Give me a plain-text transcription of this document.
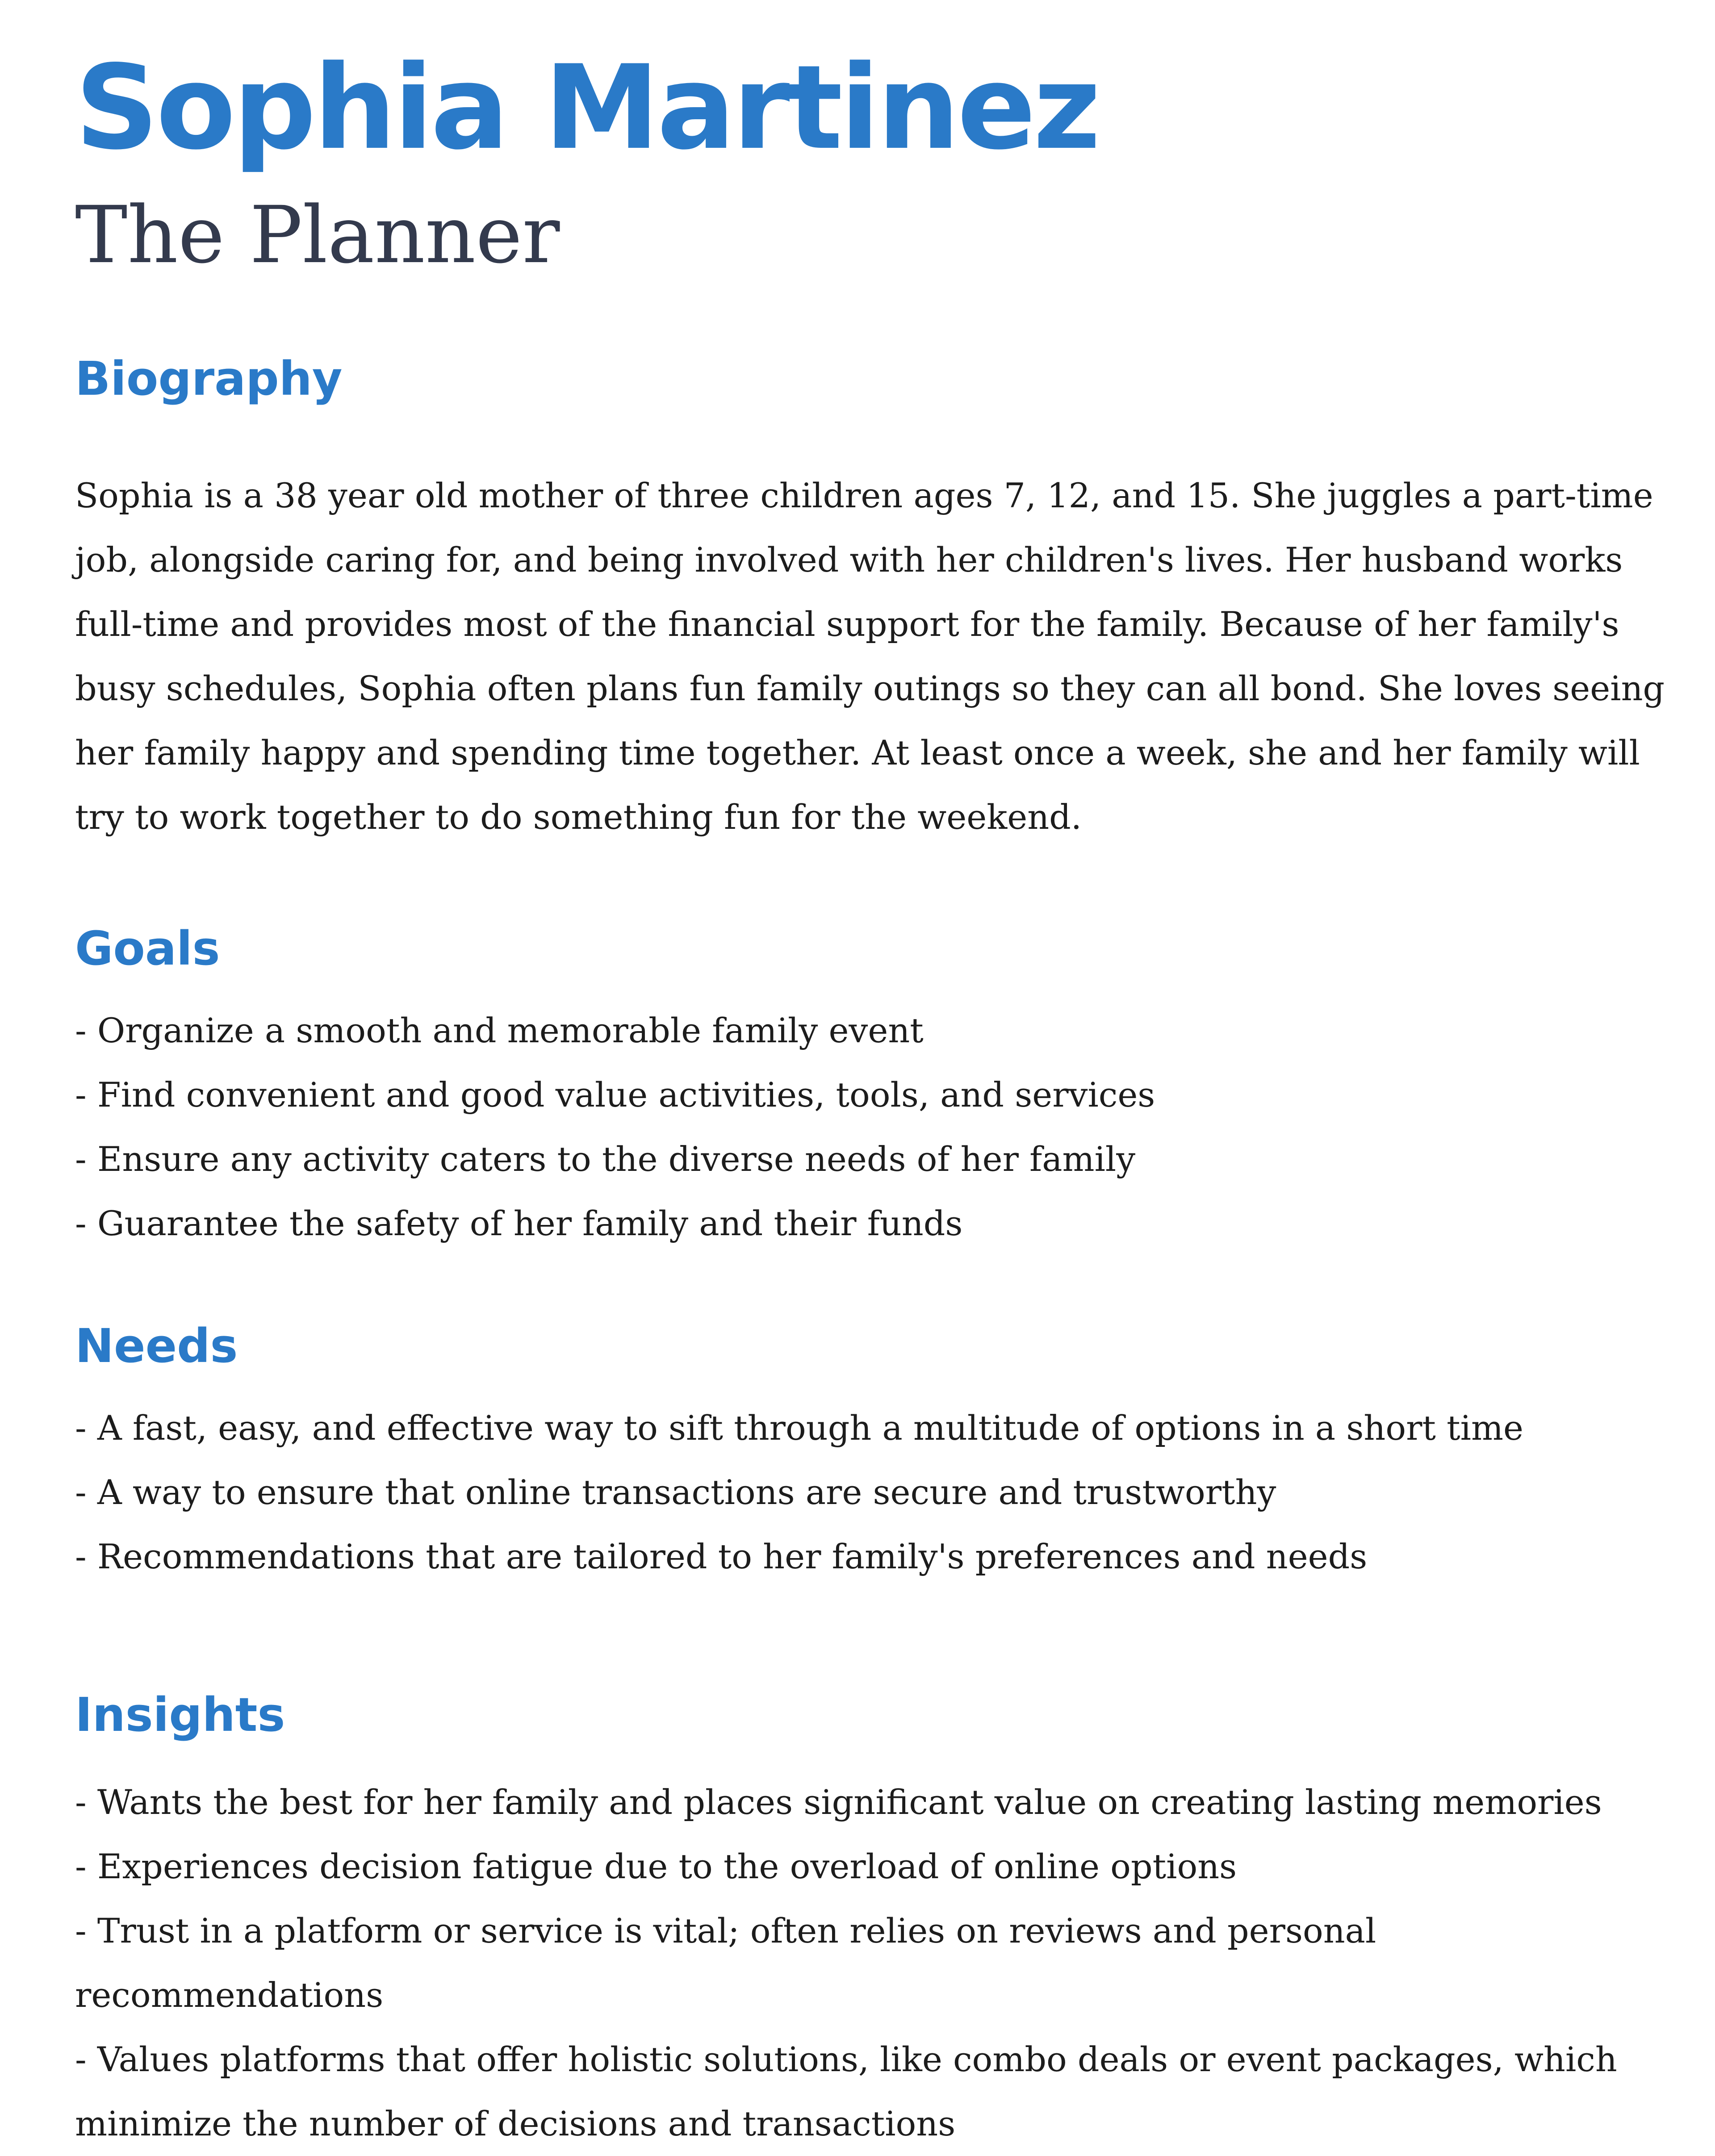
Sophia Martinez
The Planner
Biography

Sophia is a 38 year old mother of three children ages 7, 12, and 15. She juggles a part-time job, alongside caring for, and being involved with her children's lives. Her husband works full-time and provides most of the financial support for the family. Because of her family's busy schedules, Sophia often plans fun family outings so they can all bond. She loves seeing her family happy and spending time together. At least once a week, she and her family will try to work together to do something fun for the weekend.

Goals
- Organize a smooth and memorable family event
- Find convenient and good value activities, tools, and services
- Ensure any activity caters to the diverse needs of her family
- Guarantee the safety of her family and their funds
Needs
- A fast, easy, and effective way to sift through a multitude of options in a short time
- A way to ensure that online transactions are secure and trustworthy
- Recommendations that are tailored to her family's preferences and needs
Insights
- Wants the best for her family and places significant value on creating lasting memories
- Experiences decision fatigue due to the overload of online options
- Trust in a platform or service is vital; often relies on reviews and personal recommendations
- Values platforms that offer holistic solutions, like combo deals or event packages, which minimize the number of decisions and transactions
